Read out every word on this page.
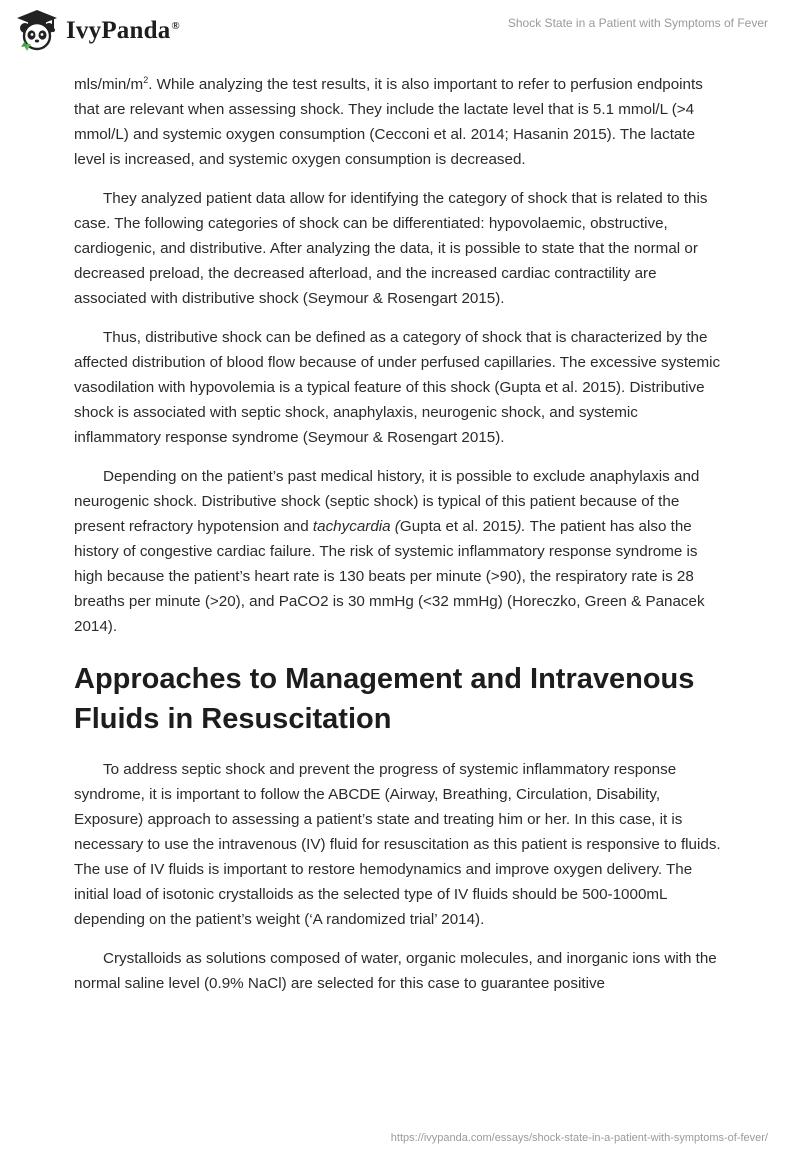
IvyPanda®	Shock State in a Patient with Symptoms of Fever

mls/$\min/m^2$. While analyzing the test results, it is also important to refer to perfusion endpoints that are relevant when assessing shock. They include the lactate level that is 5.1 mmol/L (>4 mmol/L) and systemic oxygen consumption (Cecconi et al. 2014; Hasanin 2015). The lactate level is increased, and systemic oxygen consumption is decreased.

They analyzed patient data allow for identifying the category of shock that is related to this case. The following categories of shock can be differentiated: hypovolaemic, obstructive, cardiogenic, and distributive. After analyzing the data, it is possible to state that the normal or decreased preload, the decreased afterload, and the increased cardiac contractility are associated with distributive shock (Seymour & Rosengart 2015).

Thus, distributive shock can be defined as a category of shock that is characterized by the affected distribution of blood flow because of under perfused capillaries. The excessive systemic vasodilation with hypovolemia is a typical feature of this shock (Gupta et al. 2015). Distributive shock is associated with septic shock, anaphylaxis, neurogenic shock, and systemic inflammatory response syndrome (Seymour & Rosengart 2015).

Depending on the patient’s past medical history, it is possible to exclude anaphylaxis and neurogenic shock. Distributive shock (septic shock) is typical of this patient because of the present refractory hypotension and tachycardia (Gupta et al. 2015). The patient has also the history of congestive cardiac failure. The risk of systemic inflammatory response syndrome is high because the patient’s heart rate is 130 beats per minute (>90), the respiratory rate is 28 breaths per minute (>20), and PaCO2 is 30 mmHg (<32 mmHg) (Horeczko, Green & Panacek 2014).

Approaches to Management and Intravenous Fluids in Resuscitation

To address septic shock and prevent the progress of systemic inflammatory response syndrome, it is important to follow the ABCDE (Airway, Breathing, Circulation, Disability, Exposure) approach to assessing a patient’s state and treating him or her. In this case, it is necessary to use the intravenous (IV) fluid for resuscitation as this patient is responsive to fluids. The use of IV fluids is important to restore hemodynamics and improve oxygen delivery. The initial load of isotonic crystalloids as the selected type of IV fluids should be 500-1000mL depending on the patient’s weight (‘A randomized trial’ 2014).

Crystalloids as solutions composed of water, organic molecules, and inorganic ions with the normal saline level (0.9% NaCl) are selected for this case to guarantee positive

https://ivypanda.com/essays/shock-state-in-a-patient-with-symptoms-of-fever/
